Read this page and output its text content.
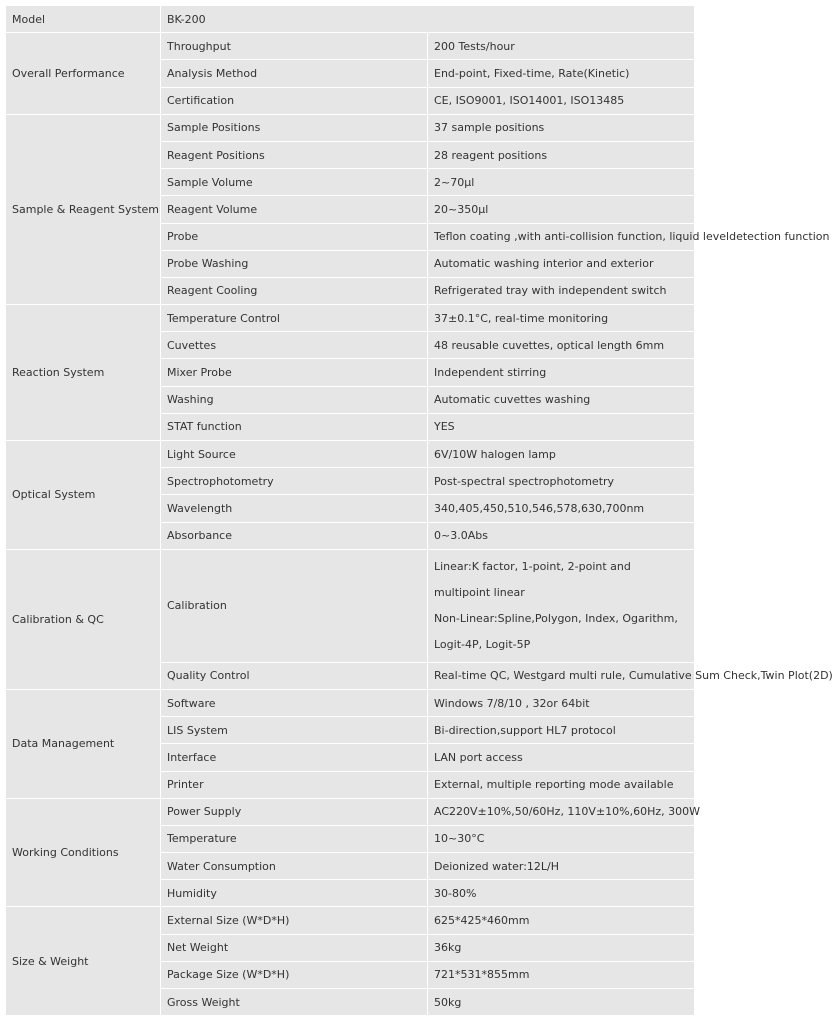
Model	BK-200	
Overall Performance	Throughput	200 Tests/hour
	Analysis Method	End-point, Fixed-time, Rate(Kinetic)
	Certification	CE, ISO9001, ISO14001, ISO13485
Sample & Reagent System	Sample Positions	37 sample positions
	Reagent Positions	28 reagent positions
	Sample Volume	2~70μl
	Reagent Volume	20~350μl
	Probe	Teflon coating ,with anti-collision function, liquid leveldetection function
	Probe Washing	Automatic washing interior and exterior
	Reagent Cooling	Refrigerated tray with independent switch
Reaction System	Temperature Control	37±0.1°C, real-time monitoring
	Cuvettes	48 reusable cuvettes, optical length 6mm
	Mixer Probe	Independent stirring
	Washing	Automatic cuvettes washing
	STAT function	YES
Optical System	Light Source	6V/10W halogen lamp
	Spectrophotometry	Post-spectral spectrophotometry
	Wavelength	340,405,450,510,546,578,630,700nm
	Absorbance	0~3.0Abs
Calibration & QC	Calibration	Linear:K factor, 1-point, 2-point and multipoint linear
Non-Linear:Spline,Polygon, Index, Ogarithm, Logit-4P, Logit-5P

	Quality Control	Real-time QC, Westgard multi rule, Cumulative Sum Check,Twin Plot(2D)
Data Management	Software	Windows 7/8/10 , 32or 64bit
	LIS System	Bi-direction,support HL7 protocol
	Interface	LAN port access
	Printer	External, multiple reporting mode available
Working Conditions	Power Supply	AC220V±10%,50/60Hz, 110V±10%,60Hz, 300W
	Temperature	10~30°C
	Water Consumption	Deionized water:12L/H
	Humidity	30-80%
Size & Weight	External Size (W*D*H)	625*425*460mm
	Net Weight	36kg
	Package Size (W*D*H)	721*531*855mm
	Gross Weight	50kg
